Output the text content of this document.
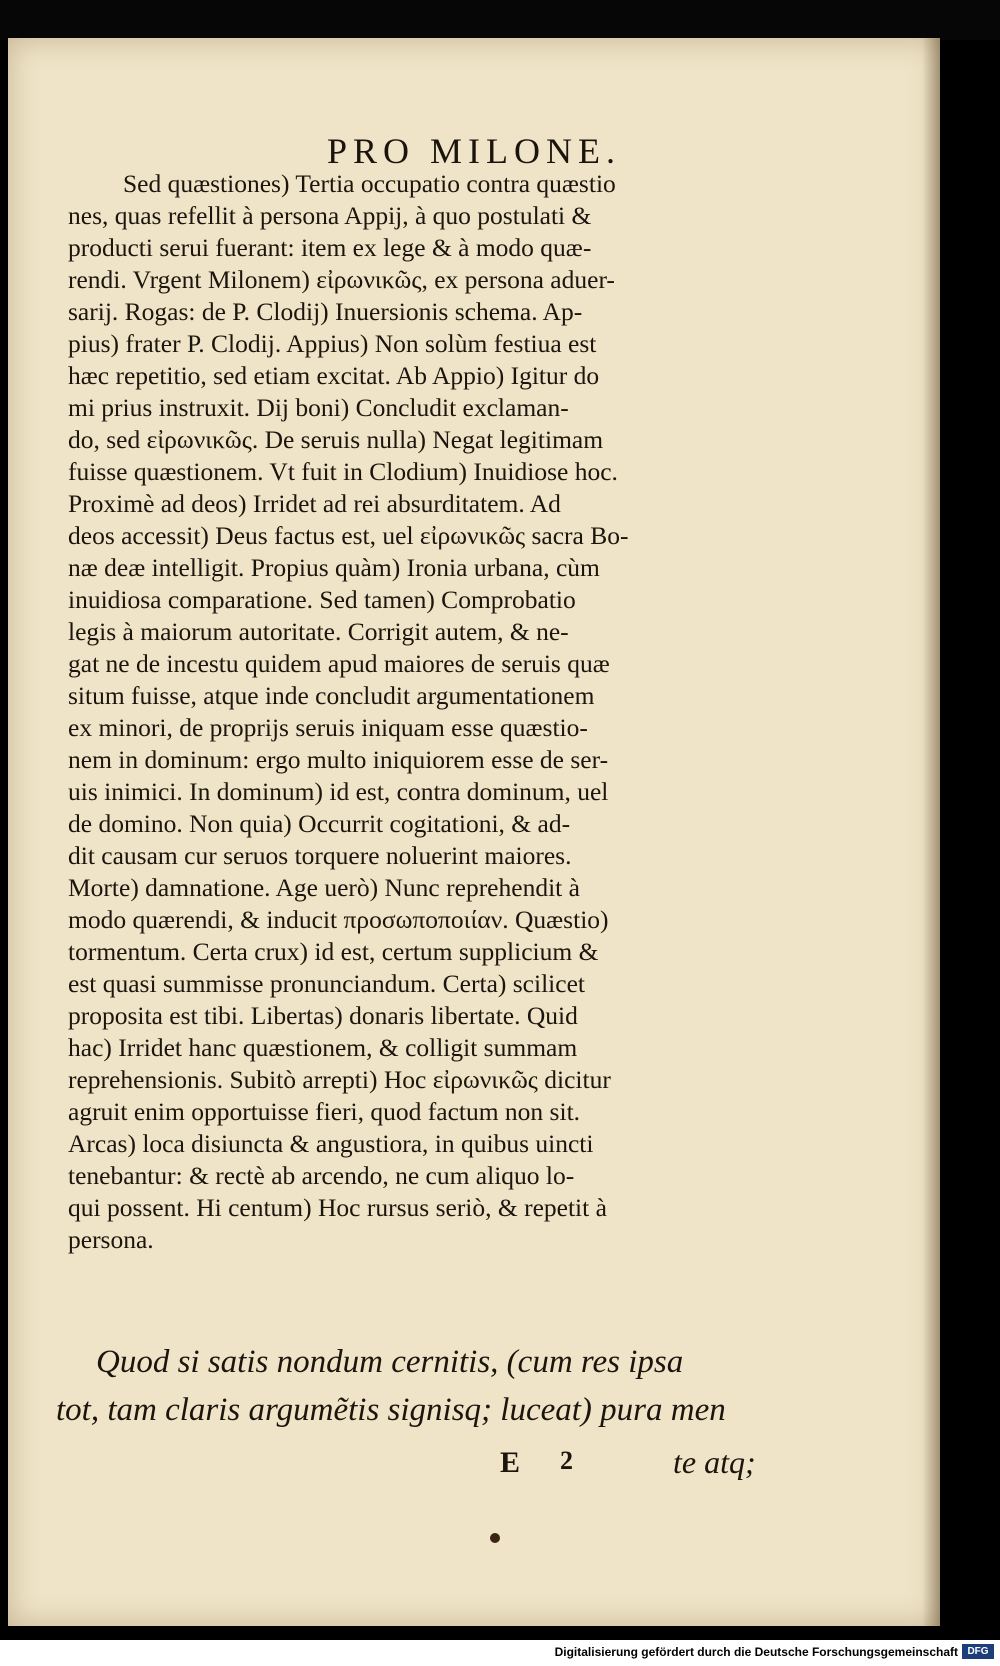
PRO MILONE.
Sed quæstiones) Tertia occupatio contra quæstio
nes, quas refellit à persona Appij, à quo postulati &
producti serui fuerant: item ex lege & à modo quæ-
rendi. Vrgent Milonem) εἰρωνικῶς, ex persona aduer-
sarij. Rogas: de P. Clodij) Inuersionis schema. Ap-
pius) frater P. Clodij. Appius) Non solùm festiua est
hæc repetitio, sed etiam excitat. Ab Appio) Igitur do
mi prius instruxit. Dij boni) Concludit exclaman-
do, sed εἰρωνικῶς. De seruis nulla) Negat legitimam
fuisse quæstionem. Vt fuit in Clodium) Inuidiose hoc.
Proximè ad deos) Irridet ad rei absurditatem. Ad
deos accessit) Deus factus est, uel εἰρωνικῶς sacra Bo-
næ deæ intelligit. Propius quàm) Ironia urbana, cùm
inuidiosa comparatione. Sed tamen) Comprobatio
legis à maiorum autoritate. Corrigit autem, & ne-
gat ne de incestu quidem apud maiores de seruis quæ
situm fuisse, atque inde concludit argumentationem
ex minori, de proprijs seruis iniquam esse quæstio-
nem in dominum: ergo multo iniquiorem esse de ser-
uis inimici. In dominum) id est, contra dominum, uel
de domino. Non quia) Occurrit cogitationi, & ad-
dit causam cur seruos torquere noluerint maiores.
Morte) damnatione. Age uerò) Nunc reprehendit à
modo quærendi, & inducit προσωποποιίαν. Quæstio)
tormentum. Certa crux) id est, certum supplicium &
est quasi summisse pronunciandum. Certa) scilicet
proposita est tibi. Libertas) donaris libertate. Quid
hac) Irridet hanc quæstionem, & colligit summam
reprehensionis. Subitò arrepti) Hoc εἰρωνικῶς dicitur
agruit enim opportuisse fieri, quod factum non sit.
Arcas) loca disiuncta & angustiora, in quibus uincti
tenebantur: & rectè ab arcendo, ne cum aliquo lo-
qui possent. Hi centum) Hoc rursus seriò, & repetit à
persona.
Quod si satis nondum cernitis, (cum res ipsa
tot, tam claris argumẽtis signisq; luceat) pura men
E 2	te atq;
Digitalisierung gefördert durch die Deutsche Forschungsgemeinschaft DFG
